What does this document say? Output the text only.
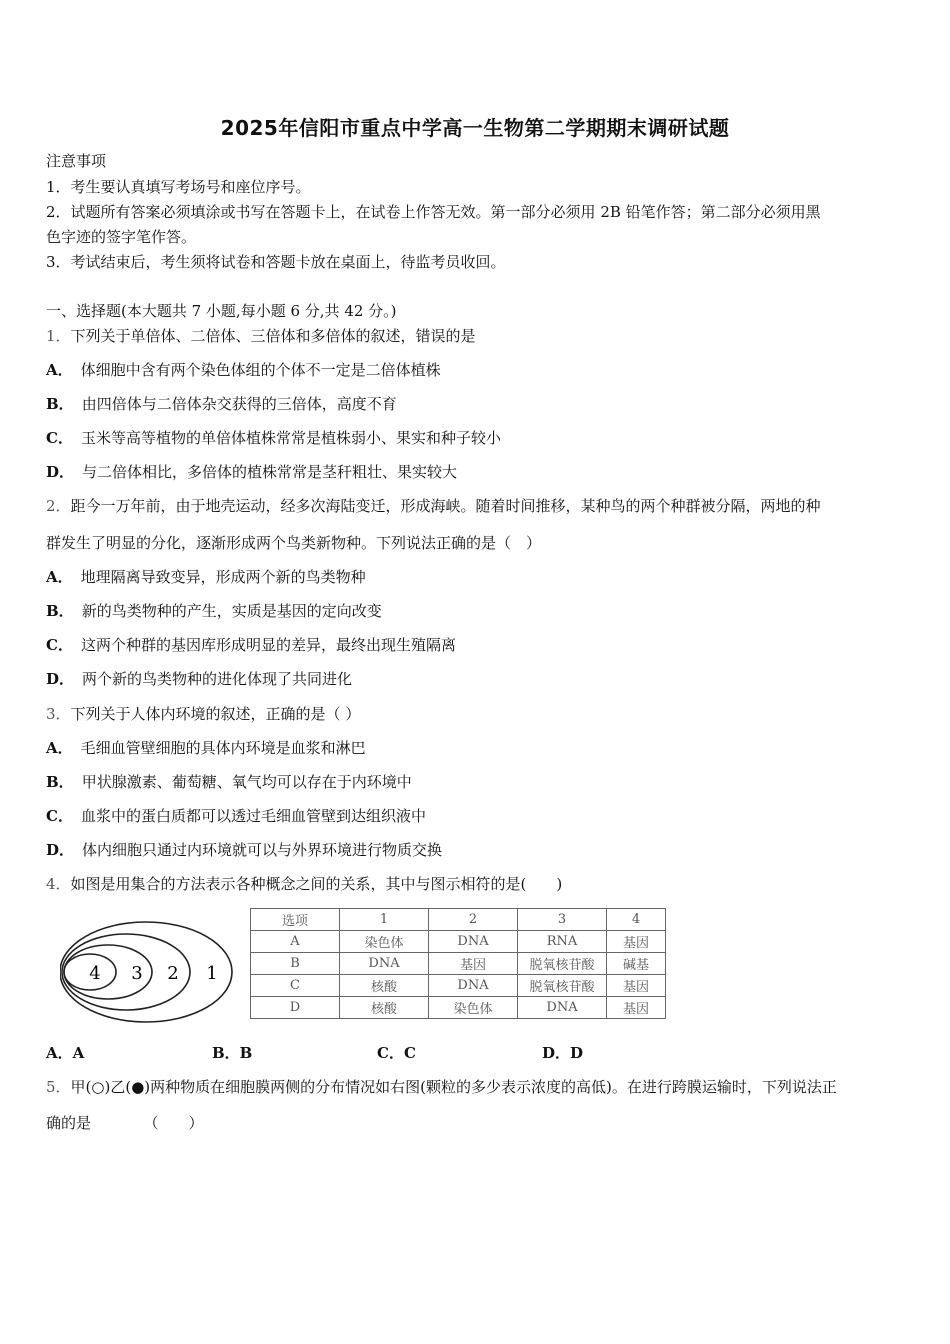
2025年信阳市重点中学高一生物第二学期期末调研试题
注意事项
1．考生要认真填写考场号和座位序号。
2．试题所有答案必须填涂或书写在答题卡上，在试卷上作答无效。第一部分必须用 2B 铅笔作答；第二部分必须用黑
色字迹的签字笔作答。
3．考试结束后，考生须将试卷和答题卡放在桌面上，待监考员收回。
一、选择题(本大题共 7 小题,每小题 6 分,共 42 分。)
1．下列关于单倍体、二倍体、三倍体和多倍体的叙述，错误的是
A． 体细胞中含有两个染色体组的个体不一定是二倍体植株
B． 由四倍体与二倍体杂交获得的三倍体，高度不育
C． 玉米等高等植物的单倍体植株常常是植株弱小、果实和种子较小
D． 与二倍体相比，多倍体的植株常常是茎秆粗壮、果实较大
2．距今一万年前，由于地壳运动，经多次海陆变迁，形成海峡。随着时间推移，某种鸟的两个种群被分隔，两地的种
群发生了明显的分化，逐渐形成两个鸟类新物种。下列说法正确的是（　）
A． 地理隔离导致变异，形成两个新的鸟类物种
B． 新的鸟类物种的产生，实质是基因的定向改变
C． 这两个种群的基因库形成明显的差异，最终出现生殖隔离
D． 两个新的鸟类物种的进化体现了共同进化
3．下列关于人体内环境的叙述，正确的是（ ）
A． 毛细血管壁细胞的具体内环境是血浆和淋巴
B． 甲状腺激素、葡萄糖、氧气均可以存在于内环境中
C． 血浆中的蛋白质都可以透过毛细血管壁到达组织液中
D． 体内细胞只通过内环境就可以与外界环境进行物质交换
4．如图是用集合的方法表示各种概念之间的关系，其中与图示相符的是(　　)
4 3 2 1
选项	1	2	3	4
A	染色体	DNA	RNA	基因
B	DNA	基因	脱氧核苷酸	碱基
C	核酸	DNA	脱氧核苷酸	基因
D	核酸	染色体	DNA	基因
A．A	B．B	C．C	D．D
5．甲(○)乙(●)两种物质在细胞膜两侧的分布情况如右图(颗粒的多少表示浓度的高低)。在进行跨膜运输时，下列说法正
确的是　　　　（　　）
